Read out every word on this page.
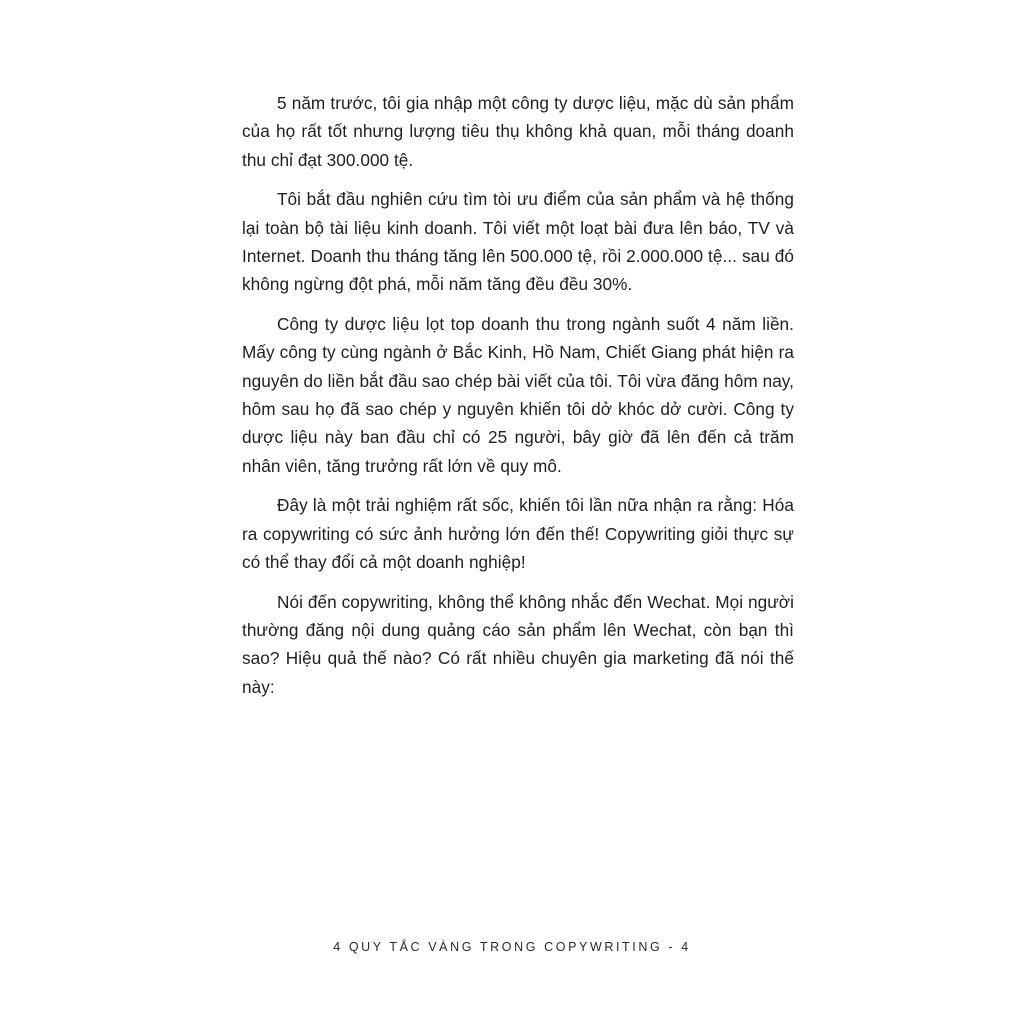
5 năm trước, tôi gia nhập một công ty dược liệu, mặc dù sản phẩm của họ rất tốt nhưng lượng tiêu thụ không khả quan, mỗi tháng doanh thu chỉ đạt 300.000 tệ.

Tôi bắt đầu nghiên cứu tìm tòi ưu điểm của sản phẩm và hệ thống lại toàn bộ tài liệu kinh doanh. Tôi viết một loạt bài đưa lên báo, TV và Internet. Doanh thu tháng tăng lên 500.000 tệ, rồi 2.000.000 tệ... sau đó không ngừng đột phá, mỗi năm tăng đều đều 30%.

Công ty dược liệu lọt top doanh thu trong ngành suốt 4 năm liền. Mấy công ty cùng ngành ở Bắc Kinh, Hồ Nam, Chiết Giang phát hiện ra nguyên do liền bắt đầu sao chép bài viết của tôi. Tôi vừa đăng hôm nay, hôm sau họ đã sao chép y nguyên khiến tôi dở khóc dở cười. Công ty dược liệu này ban đầu chỉ có 25 người, bây giờ đã lên đến cả trăm nhân viên, tăng trưởng rất lớn về quy mô.

Đây là một trải nghiệm rất sốc, khiến tôi lần nữa nhận ra rằng: Hóa ra copywriting có sức ảnh hưởng lớn đến thế! Copywriting giỏi thực sự có thể thay đổi cả một doanh nghiệp!

Nói đến copywriting, không thể không nhắc đến Wechat. Mọi người thường đăng nội dung quảng cáo sản phẩm lên Wechat, còn bạn thì sao? Hiệu quả thế nào? Có rất nhiều chuyên gia marketing đã nói thế này:

4 QUY TẮC VÀNG TRONG COPYWRITING - 4
